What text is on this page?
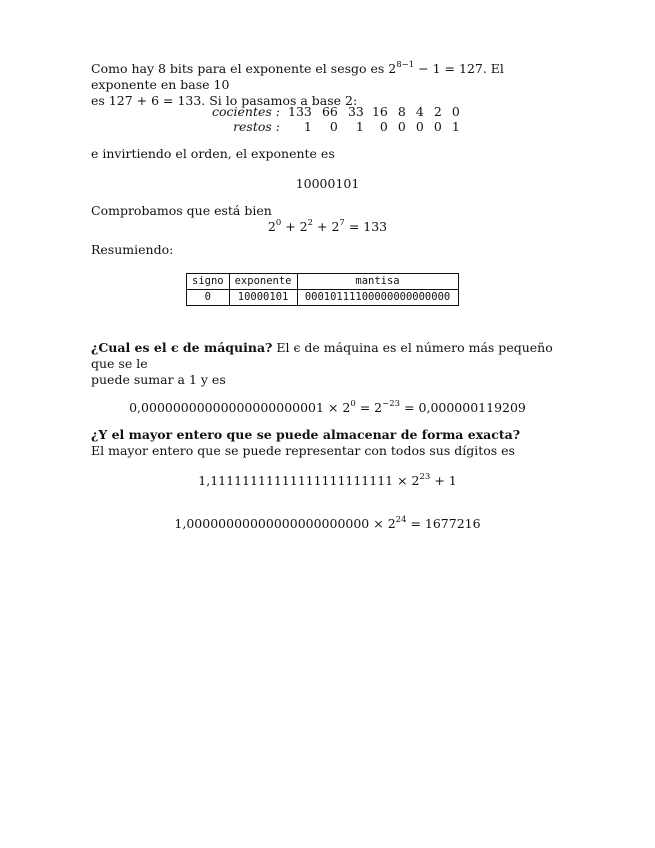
Como hay 8 bits para el exponente el sesgo es $2^{8-1} - 1 = 127$. El exponente en base 10
es 127 + 6 = 133. Si lo pasamos a base 2:
cocientes :	133	66	33	16	8	4	2	0
restos :	1	0	1	0	0	0	0	1
e invirtiendo el orden, el exponente es
10000101
Comprobamos que está bien
$2^0 + 2^2 + 2^7 = 133$
Resumiendo:
signo	exponente	mantisa
0	10000101	00010111100000000000000
¿Cual es el ϵ de máquina? El ϵ de máquina es el número más pequeño que se le
puede sumar a 1 y es
$0,00000000000000000000001 \times 2^0 = 2^{-23} = 0,000000119209$
¿Y el mayor entero que se puede almacenar de forma exacta?
El mayor entero que se puede representar con todos sus dígitos es
$1,11111111111111111111111 \times 2^{23} + 1$
$1,00000000000000000000000 \times 2^{24} = 1677216$
